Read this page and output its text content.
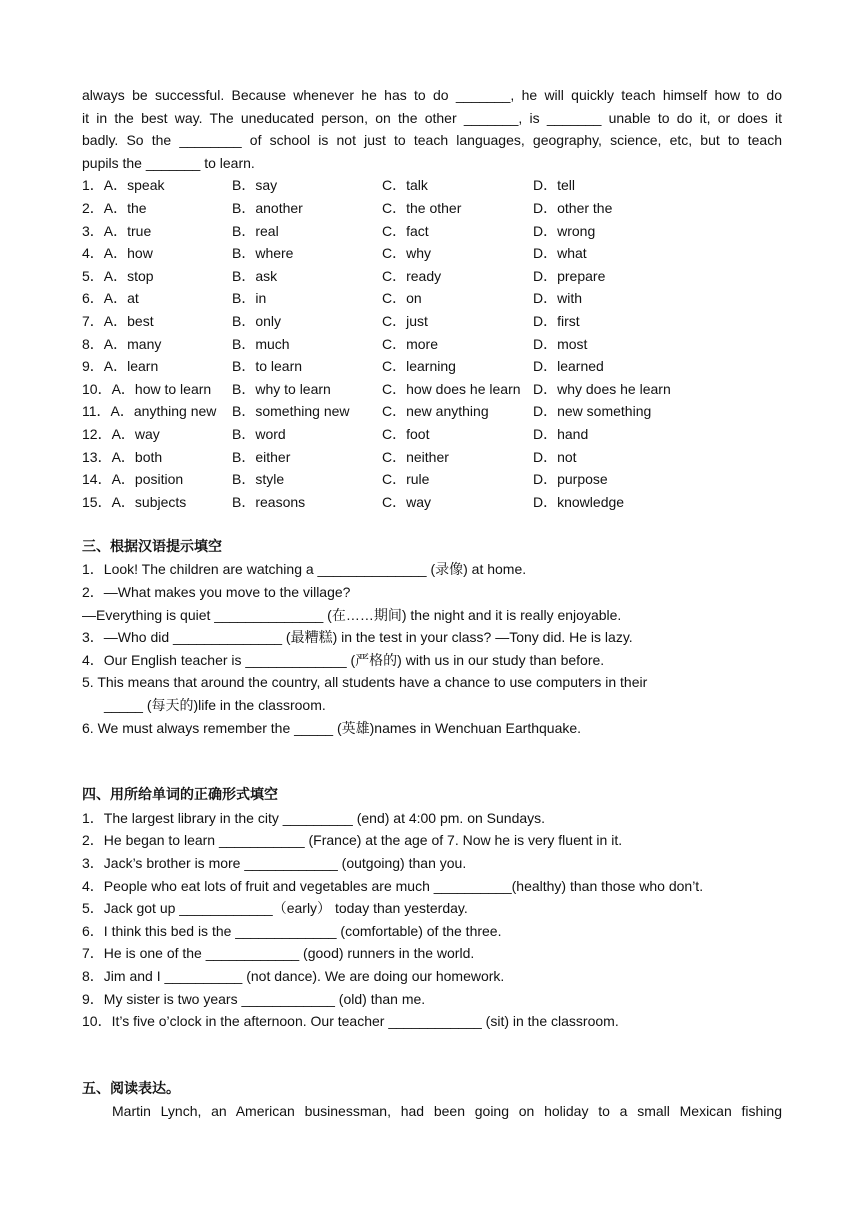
always be successful. Because whenever he has to do _______, he will quickly teach himself how to do
it in the best way. The uneducated person, on the other _______, is _______ unable to do it, or does it
badly. So the ________ of school is not just to teach languages, geography, science, etc, but to teach
pupils the _______ to learn.
1．A．speak	B．say	C．talk	D．tell
2．A．the	B．another	C．the other	D．other the
3．A．true	B．real	C．fact	D．wrong
4．A．how	B．where	C．why	D．what
5．A．stop	B．ask	C．ready	D．prepare
6．A．at	B．in	C．on	D．with
7．A．best	B．only	C．just	D．first
8．A．many	B．much	C．more	D．most
9．A．learn	B．to learn	C．learning	D．learned
10．A．how to learn B．why to learn	C．how does he learn D．why does he learn
11．A．anything new B．something new C．new anything	D．new something
12．A．way	B．word	C．foot	D．hand
13．A．both	B．either	C．neither	D．not
14．A．position	B．style	C．rule	D．purpose
15．A．subjects	B．reasons	C．way	D．knowledge
三、根据汉语提示填空
1．Look! The children are watching a ______________ (录像) at home.
2．—What makes you move to the village?
—Everything is quiet ______________ (在……期间) the night and it is really enjoyable.
3．—Who did ______________ (最糟糕) in the test in your class? —Tony did. He is lazy.
4．Our English teacher is _____________ (严格的) with us in our study than before.
5. This means that around the country, all students have a chance to use computers in their
_____ (每天的)life in the classroom.
6. We must always remember the _____ (英雄)names in Wenchuan Earthquake.
四、用所给单词的正确形式填空
1．The largest library in the city _________ (end) at 4:00 pm. on Sundays.
2．He began to learn ___________ (France) at the age of 7. Now he is very fluent in it.
3．Jack’s brother is more ____________ (outgoing) than you.
4．People who eat lots of fruit and vegetables are much __________(healthy) than those who don’t.
5．Jack got up ____________（early） today than yesterday.
6．I think this bed is the _____________ (comfortable) of the three.
7．He is one of the ____________ (good) runners in the world.
8．Jim and I __________ (not dance). We are doing our homework.
9．My sister is two years ____________ (old) than me.
10．It’s five o’clock in the afternoon. Our teacher ____________ (sit) in the classroom.
五、阅读表达。
Martin Lynch, an American businessman, had been going on holiday to a small Mexican fishing
